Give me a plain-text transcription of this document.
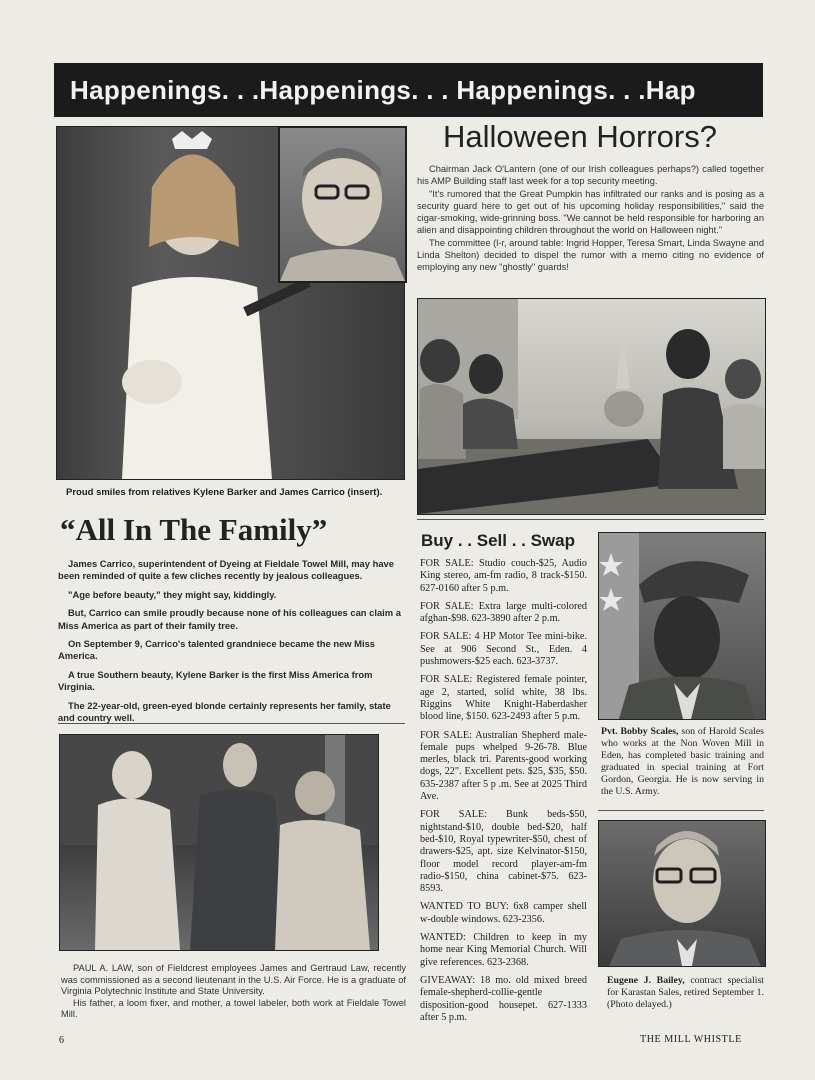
Happenings. . .Happenings. . . Happenings. . .Hap
Proud smiles from relatives Kylene Barker and James Carrico (insert).
Halloween Horrors?

Chairman Jack O'Lantern (one of our Irish colleagues perhaps?) called together his AMP Building staff last week for a top security meeting.

"It's rumored that the Great Pumpkin has infiltrated our ranks and is posing as a security guard here to get out of his upcoming holiday responsibilities," said the cigar-smoking, wide-grinning boss. "We cannot be held responsible for harboring an alien and disappointing children throughout the world on Halloween night."

The committee (l-r, around table: Ingrid Hopper, Teresa Smart, Linda Swayne and Linda Shelton) decided to dispel the rumor with a memo citing no evidence of employing any new "ghostly" guards!

“All In The Family”

James Carrico, superintendent of Dyeing at Fieldale Towel Mill, may have been reminded of quite a few cliches recently by jealous colleagues.

"Age before beauty," they might say, kiddingly.

But, Carrico can smile proudly because none of his colleagues can claim a Miss America as part of their family tree.

On September 9, Carrico's talented grandniece became the new Miss America.

A true Southern beauty, Kylene Barker is the first Miss America from Virginia.

The 22-year-old, green-eyed blonde certainly represents her family, state and country well.

PAUL A. LAW, son of Fieldcrest employees James and Gertraud Law, recently was commissioned as a second lieutenant in the U.S. Air Force. He is a graduate of Virginia Polytechnic Institute and State University.

His father, a loom fixer, and mother, a towel labeler, both work at Fieldale Towel Mill.

Buy . . Sell . . Swap
FOR SALE: Studio couch-$25, Audio King stereo, am-fm radio, 8 track-$150. 627-0160 after 5 p.m.
FOR SALE: Extra large multi-colored afghan-$98. 623-3890 after 2 p.m.
FOR SALE: 4 HP Motor Tee mini-bike. See at 906 Second St., Eden. 4 pushmowers-$25 each. 623-3737.
FOR SALE: Registered female pointer, age 2, started, solid white, 38 lbs. Riggins White Knight-Haberdasher blood line, $150. 623-2493 after 5 p.m.
FOR SALE: Australian Shepherd male-female pups whelped 9-26-78. Blue merles, black tri. Parents-good working dogs, 22". Excellent pets. $25, $35, $50. 635-2387 after 5 p .m. See at 2025 Third Ave.
FOR SALE: Bunk beds-$50, nightstand-$10, double bed-$20, half bed-$10, Royal typewriter-$50, chest of drawers-$25, apt. size Kelvinator-$150, floor model record player-am-fm radio-$150, china cabinet-$75. 623-8593.
WANTED TO BUY: 6x8 camper shell w-double windows. 623-2356.
WANTED: Children to keep in my home near King Memorial Church. Will give references. 623-2368.
GIVEAWAY: 18 mo. old mixed breed female-shepherd-collie-gentle disposition-good housepet. 627-1333 after 5 p.m.
Pvt. Bobby Scales, son of Harold Scales who works at the Non Woven Mill in Eden, has completed basic training and graduated in special training at Fort Gordon, Georgia. He is now serving in the U.S. Army.
Eugene J. Bailey, contract specialist for Karastan Sales, retired September 1. (Photo delayed.)
6	THE MILL WHISTLE
